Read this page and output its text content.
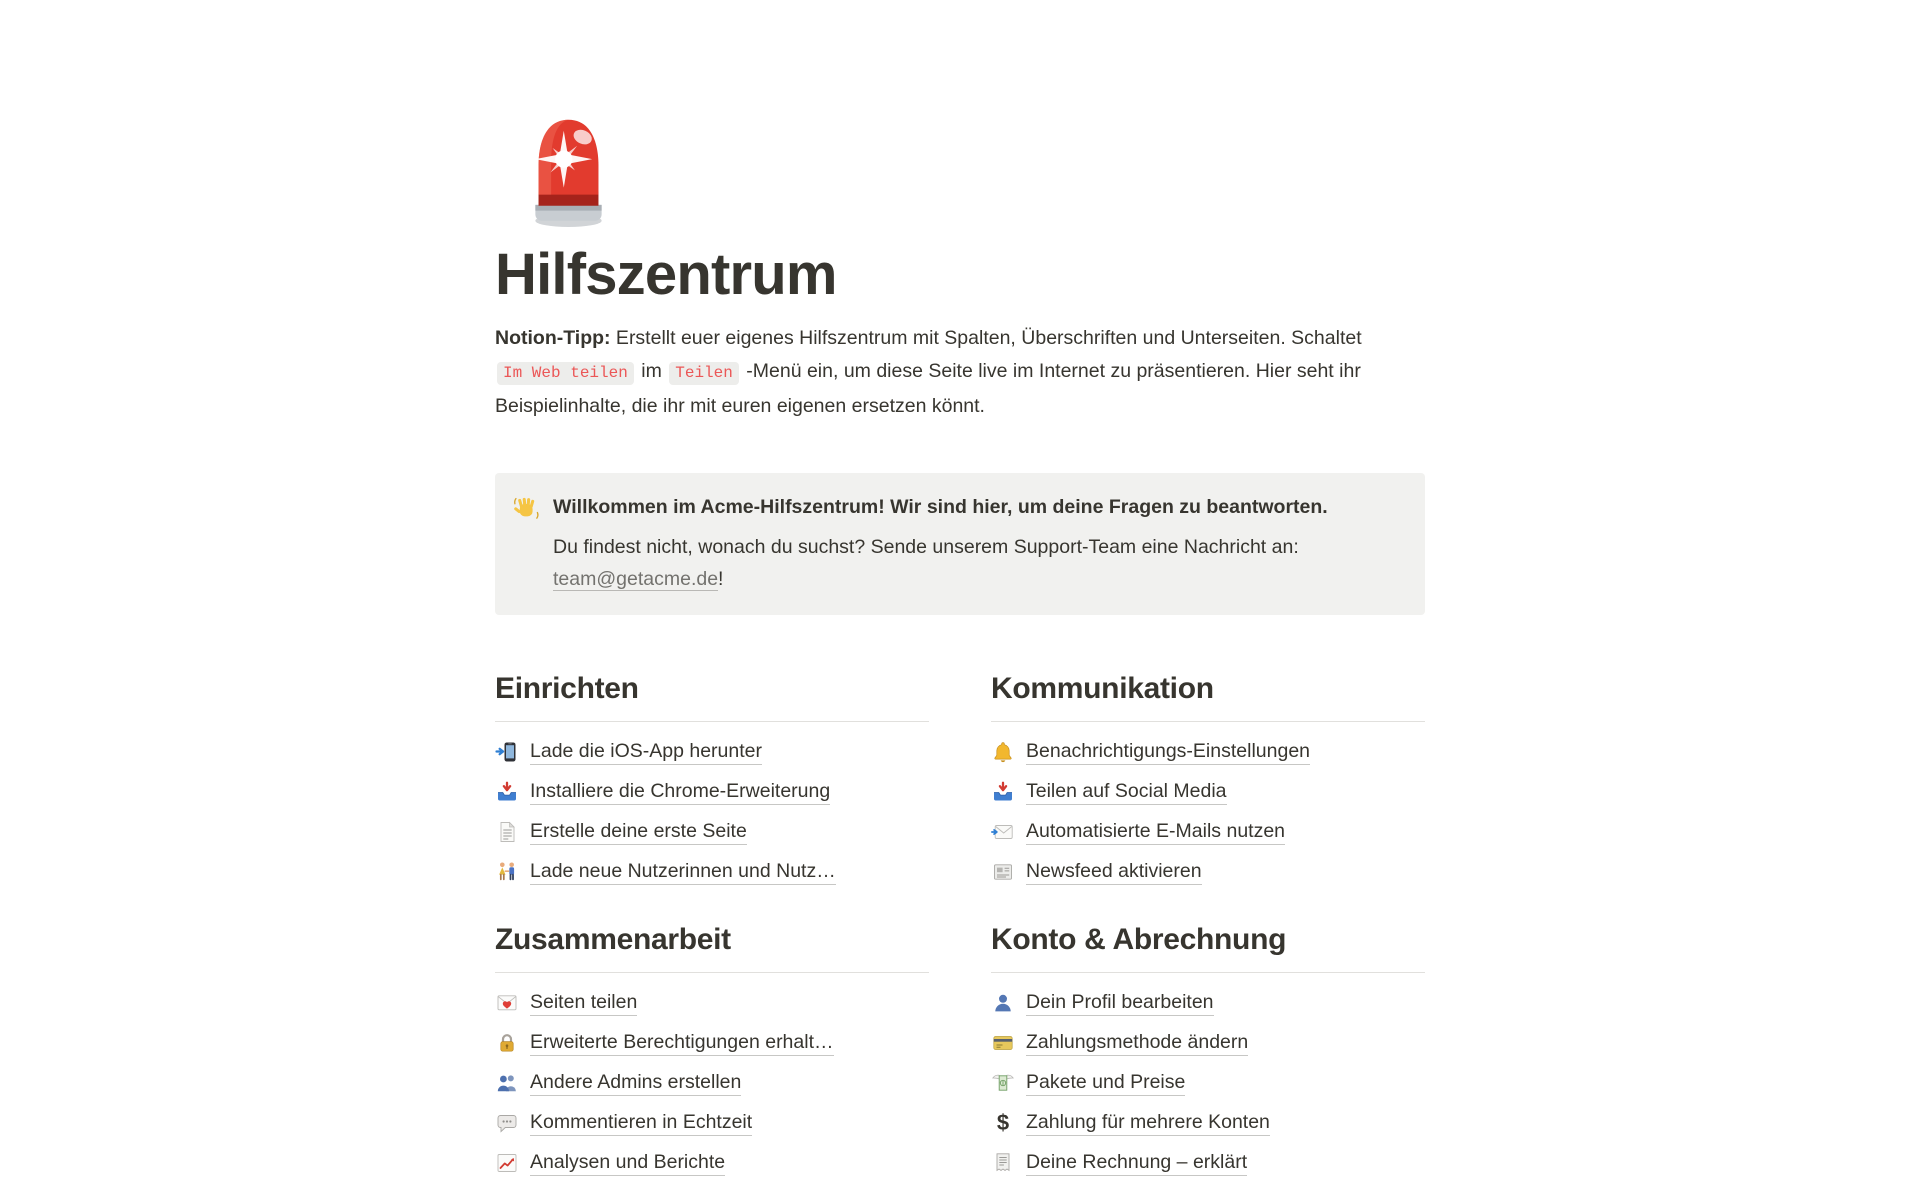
Hilfszentrum

Notion-Tipp: Erstellt euer eigenes Hilfszentrum mit Spalten, Überschriften und Unterseiten. Schaltet Im Web teilen im Teilen -Menü ein, um diese Seite live im Internet zu präsentieren. Hier seht ihr Beispielinhalte, die ihr mit euren eigenen ersetzen könnt.

Willkommen im Acme-Hilfszentrum! Wir sind hier, um deine Fragen zu beantworten.

Du findest nicht, wonach du suchst? Sende unserem Support-Team eine Nachricht an: team@getacme.de!

Einrichten
Lade die iOS-App herunter
Installiere die Chrome-Erweiterung
Erstelle deine erste Seite
Lade neue Nutzerinnen und Nutz…
Zusammenarbeit
Seiten teilen
Erweiterte Berechtigungen erhalt…
Andere Admins erstellen
Kommentieren in Echtzeit
Analysen und Berichte
Kommunikation
Benachrichtigungs-Einstellungen
Teilen auf Social Media
Automatisierte E-Mails nutzen
Newsfeed aktivieren
Konto & Abrechnung
Dein Profil bearbeiten
Zahlungsmethode ändern
Pakete und Preise
$ Zahlung für mehrere Konten
Deine Rechnung – erklärt
